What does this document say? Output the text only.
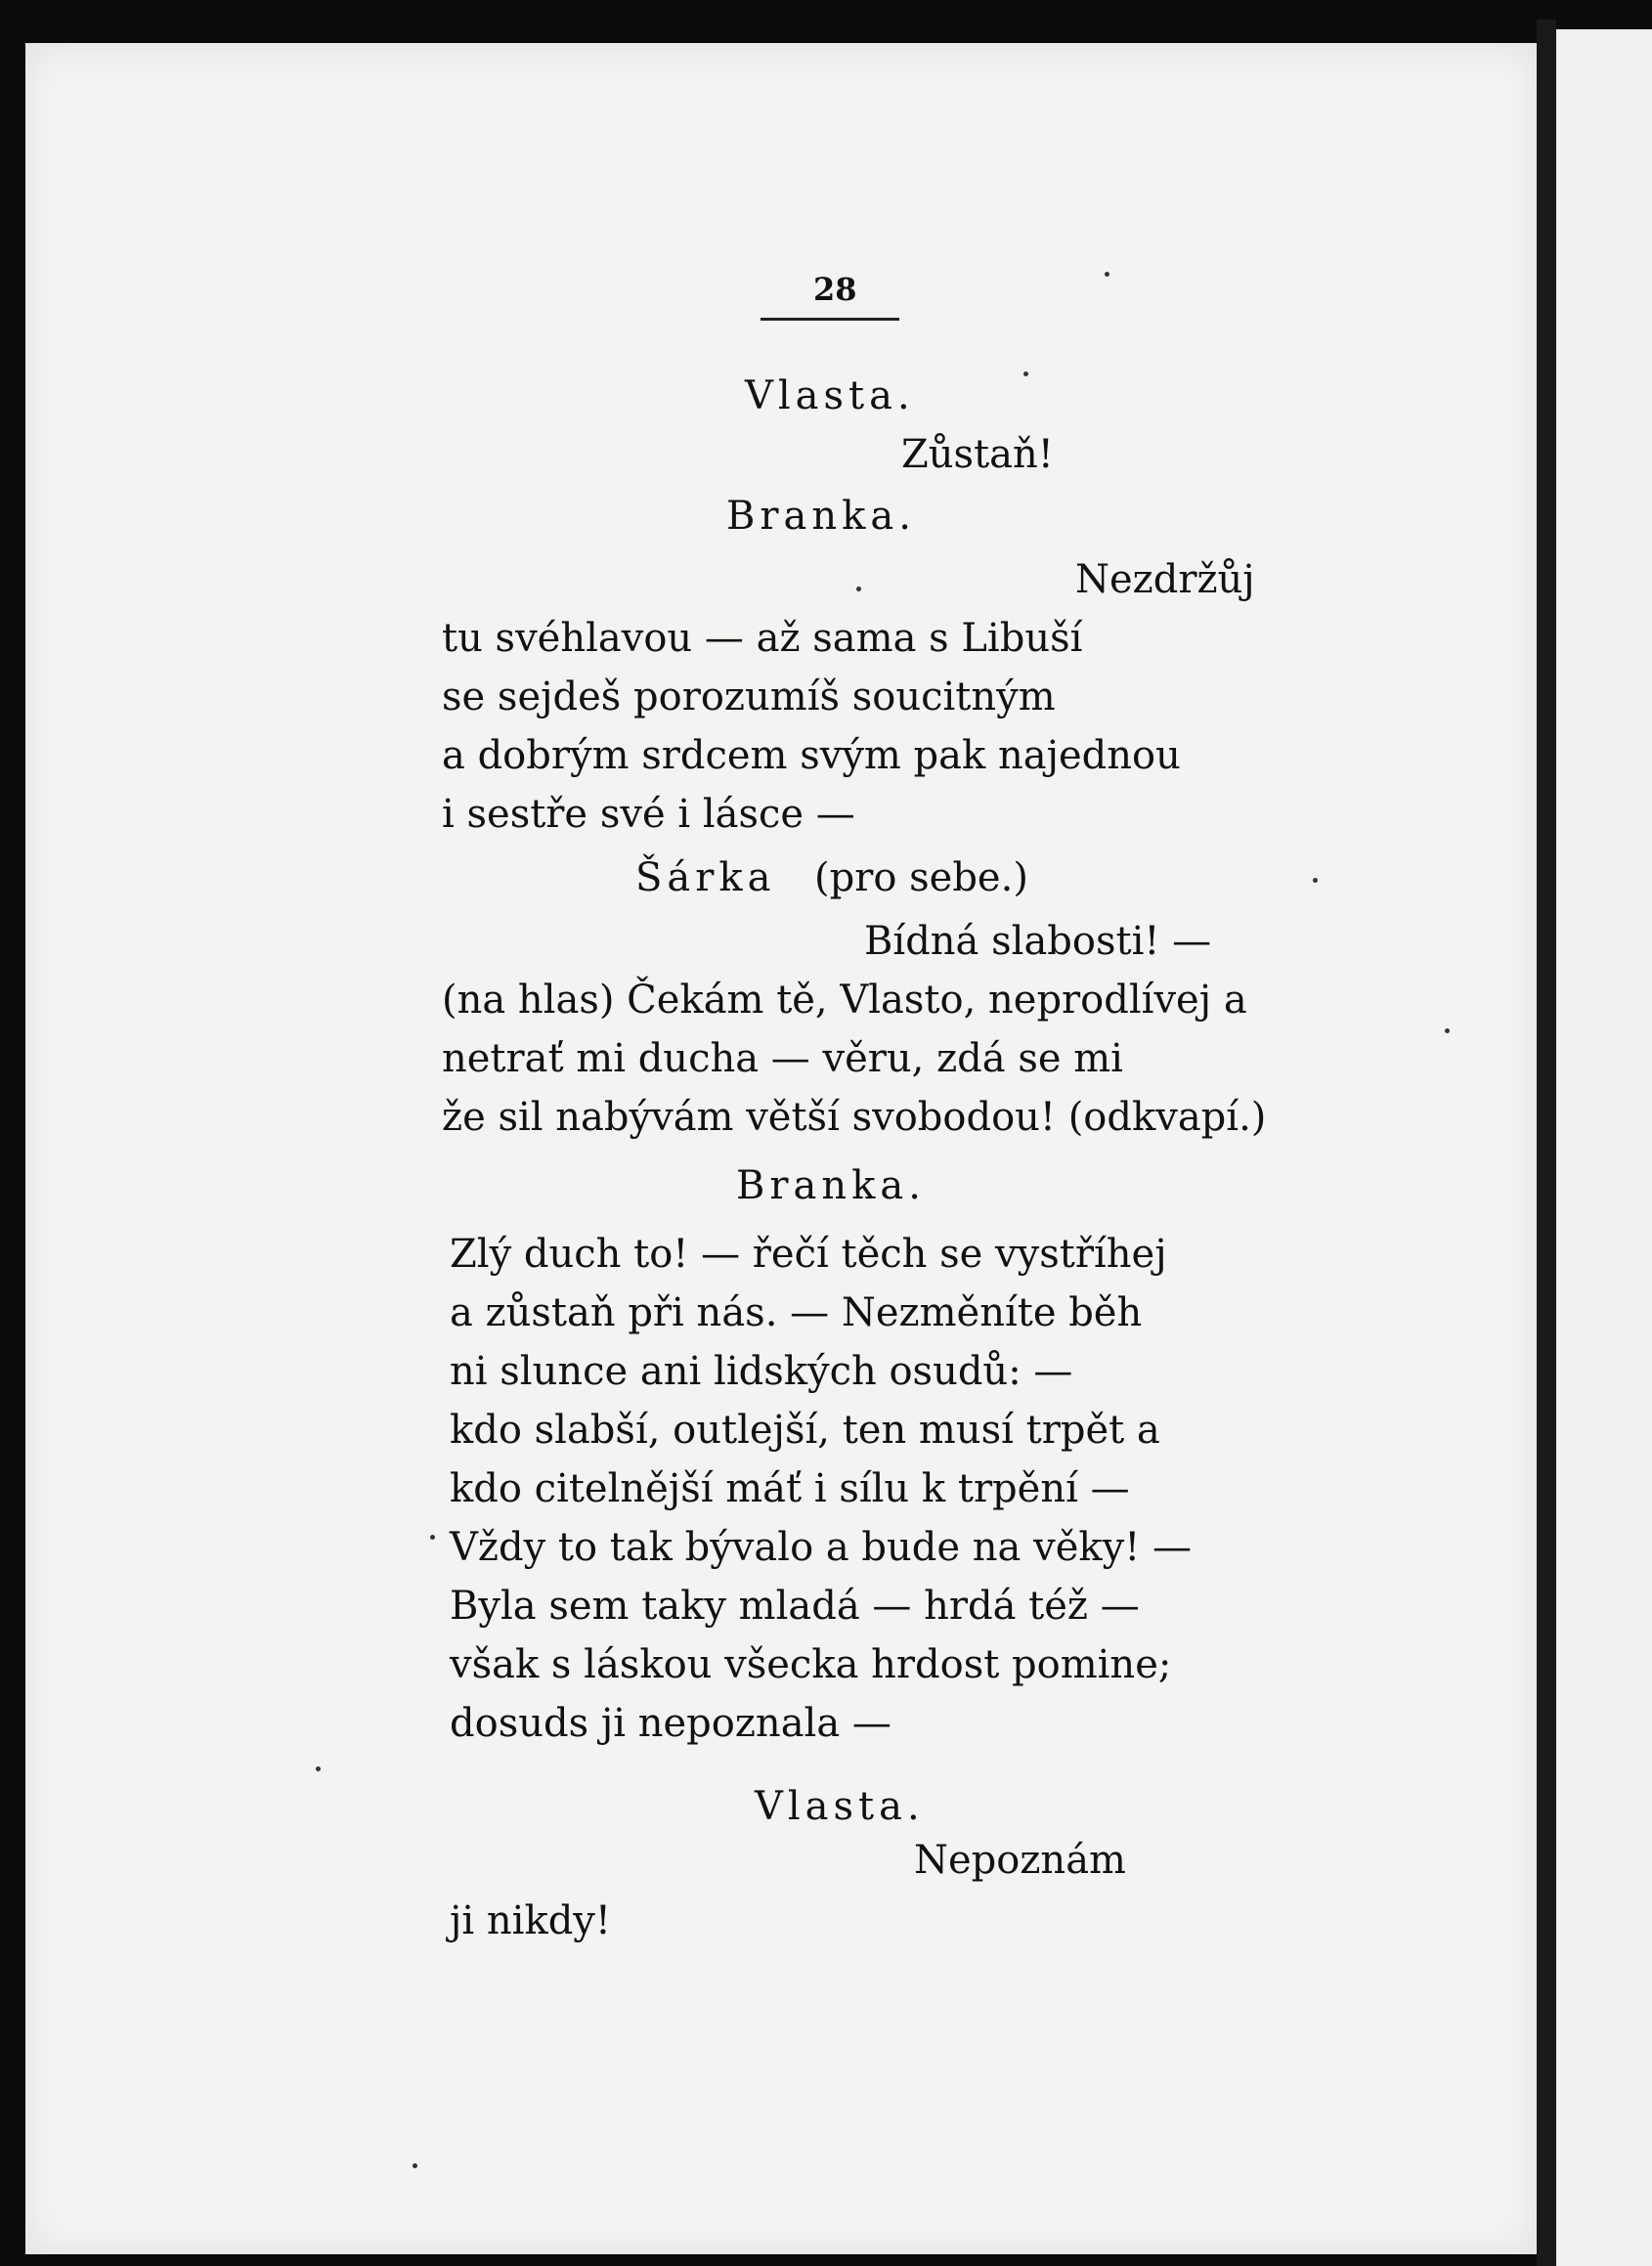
28
Vlasta.
Zůstaň!
Branka.
Nezdržůj
tu svéhlavou — až sama s Libuší
se sejdeš porozumíš soucitným
a dobrým srdcem svým pak najednou
i sestře své i lásce —
Šárka (pro sebe.)
Bídná slabosti! —
(na hlas) Čekám tě, Vlasto, neprodlívej a
netrať mi ducha — věru, zdá se mi
že sil nabývám větší svobodou! (odkvapí.)
Branka.
Zlý duch to! — řečí těch se vystříhej
a zůstaň při nás. — Nezměníte běh
ni slunce ani lidských osudů: —
kdo slabší, outlejší, ten musí trpět a
kdo citelnější máť i sílu k trpění —
Vždy to tak bývalo a bude na věky! —
Byla sem taky mladá — hrdá též —
však s láskou všecka hrdost pomine;
dosuds ji nepoznala —
Vlasta.
Nepoznám
ji nikdy!
